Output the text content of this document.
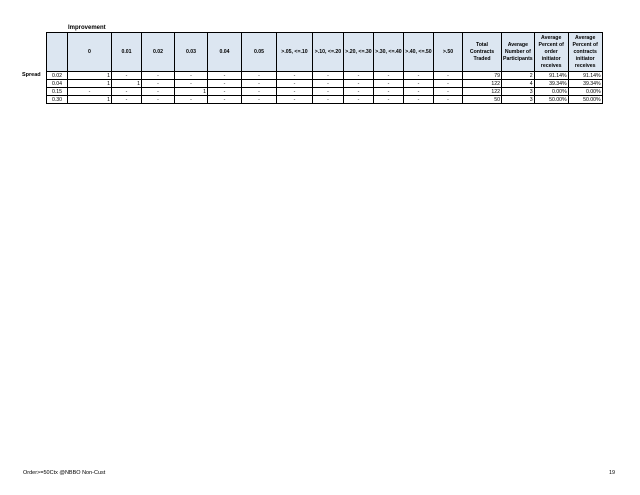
Improvement
Spread
	0	0.01	0.02	0.03	0.04	0.05	>.05, <=.10	>.10, <=.20	>.20, <=.30	>.30, <=.40	>.40, <=.50	>.50	Total Contracts Traded	Average Number of Participants	Average Percent of order initiator receives	Average Percent of contracts initiator receives
0.02	1	-	-	-	-	-	-	-	-	-	-	-	79	2	91.14%	91.14%
0.04	1	1	-	-	-	-	-	-	-	-	-	-	122	4	39.34%	39.34%
0.15	-	-	-	1	-	-	-	-	-	-	-	-	122	3	0.00%	0.00%
0.30	1	-	-	-	-	-	-	-	-	-	-	-	50	3	50.00%	50.00%
Order>=50Ctx @NBBO Non-Cust	19
